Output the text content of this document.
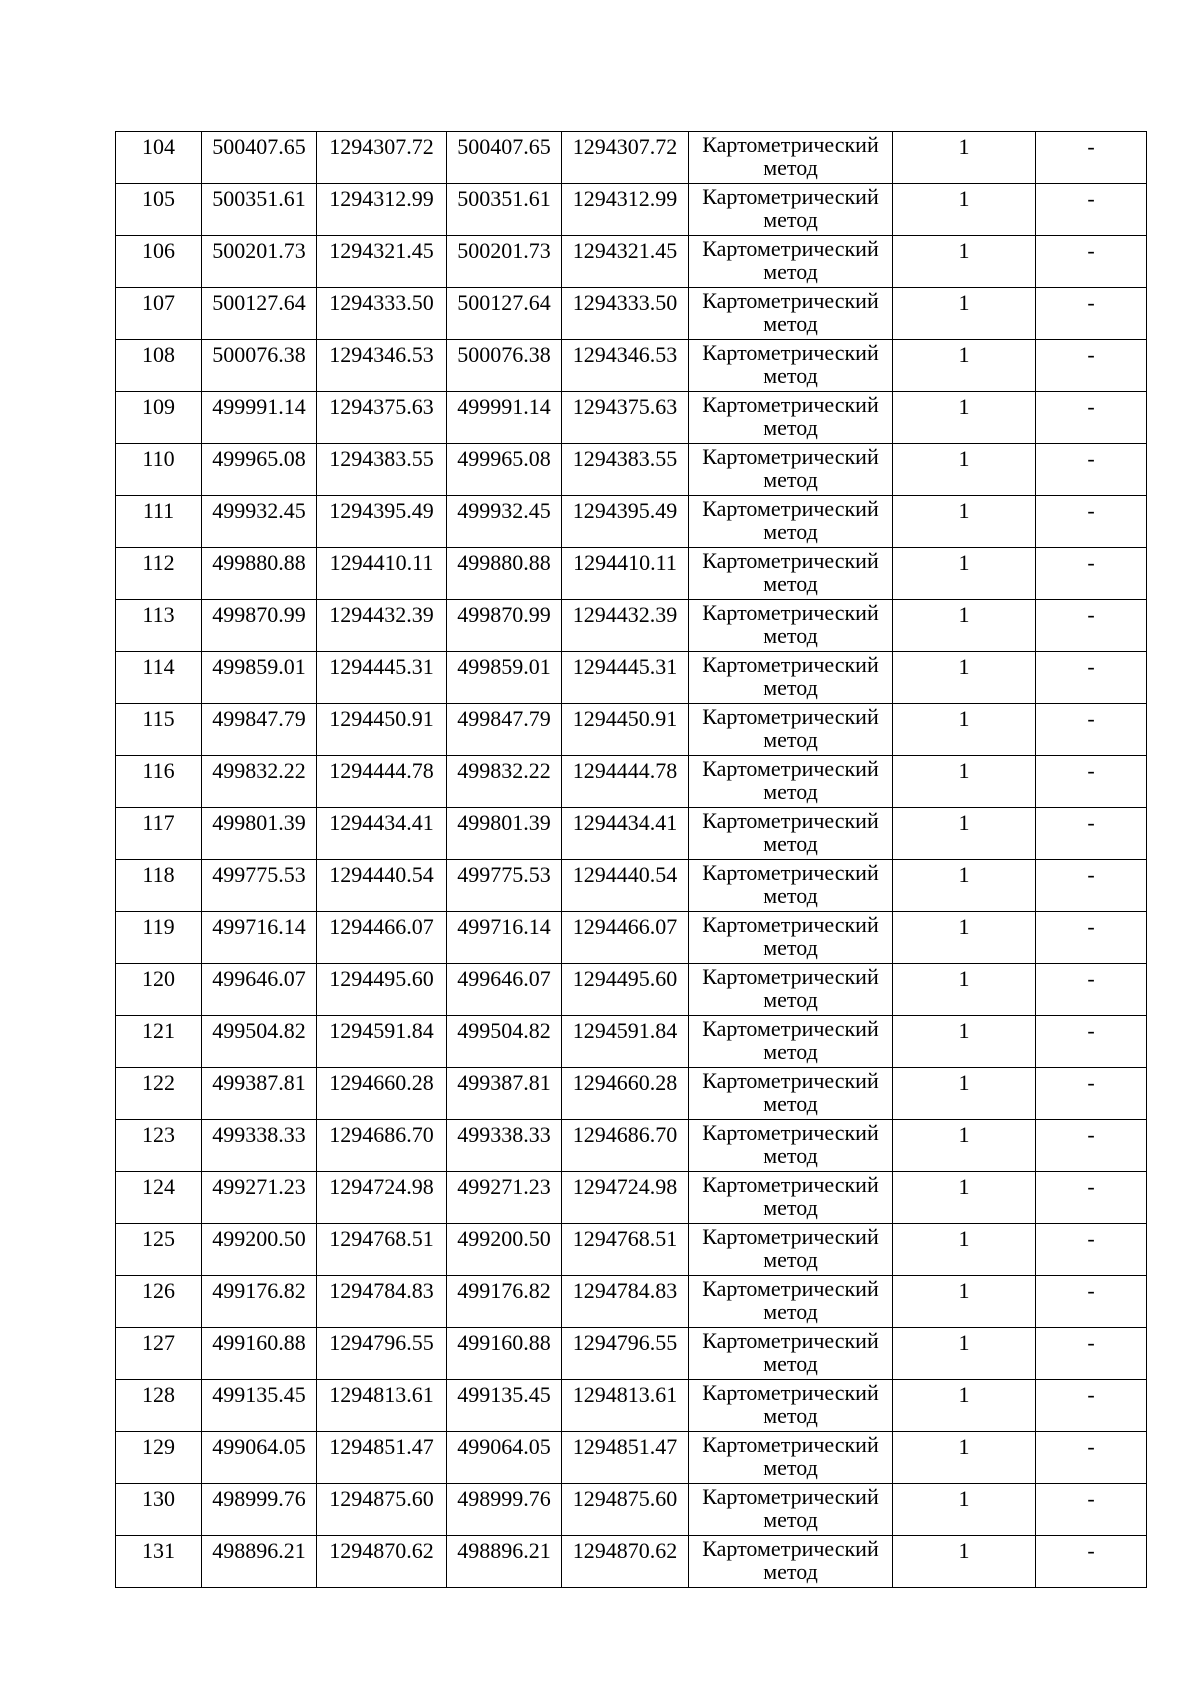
104	500407.65	1294307.72	500407.65	1294307.72	Картометрический метод	1	-
105	500351.61	1294312.99	500351.61	1294312.99	Картометрический метод	1	-
106	500201.73	1294321.45	500201.73	1294321.45	Картометрический метод	1	-
107	500127.64	1294333.50	500127.64	1294333.50	Картометрический метод	1	-
108	500076.38	1294346.53	500076.38	1294346.53	Картометрический метод	1	-
109	499991.14	1294375.63	499991.14	1294375.63	Картометрический метод	1	-
110	499965.08	1294383.55	499965.08	1294383.55	Картометрический метод	1	-
111	499932.45	1294395.49	499932.45	1294395.49	Картометрический метод	1	-
112	499880.88	1294410.11	499880.88	1294410.11	Картометрический метод	1	-
113	499870.99	1294432.39	499870.99	1294432.39	Картометрический метод	1	-
114	499859.01	1294445.31	499859.01	1294445.31	Картометрический метод	1	-
115	499847.79	1294450.91	499847.79	1294450.91	Картометрический метод	1	-
116	499832.22	1294444.78	499832.22	1294444.78	Картометрический метод	1	-
117	499801.39	1294434.41	499801.39	1294434.41	Картометрический метод	1	-
118	499775.53	1294440.54	499775.53	1294440.54	Картометрический метод	1	-
119	499716.14	1294466.07	499716.14	1294466.07	Картометрический метод	1	-
120	499646.07	1294495.60	499646.07	1294495.60	Картометрический метод	1	-
121	499504.82	1294591.84	499504.82	1294591.84	Картометрический метод	1	-
122	499387.81	1294660.28	499387.81	1294660.28	Картометрический метод	1	-
123	499338.33	1294686.70	499338.33	1294686.70	Картометрический метод	1	-
124	499271.23	1294724.98	499271.23	1294724.98	Картометрический метод	1	-
125	499200.50	1294768.51	499200.50	1294768.51	Картометрический метод	1	-
126	499176.82	1294784.83	499176.82	1294784.83	Картометрический метод	1	-
127	499160.88	1294796.55	499160.88	1294796.55	Картометрический метод	1	-
128	499135.45	1294813.61	499135.45	1294813.61	Картометрический метод	1	-
129	499064.05	1294851.47	499064.05	1294851.47	Картометрический метод	1	-
130	498999.76	1294875.60	498999.76	1294875.60	Картометрический метод	1	-
131	498896.21	1294870.62	498896.21	1294870.62	Картометрический метод	1	-
